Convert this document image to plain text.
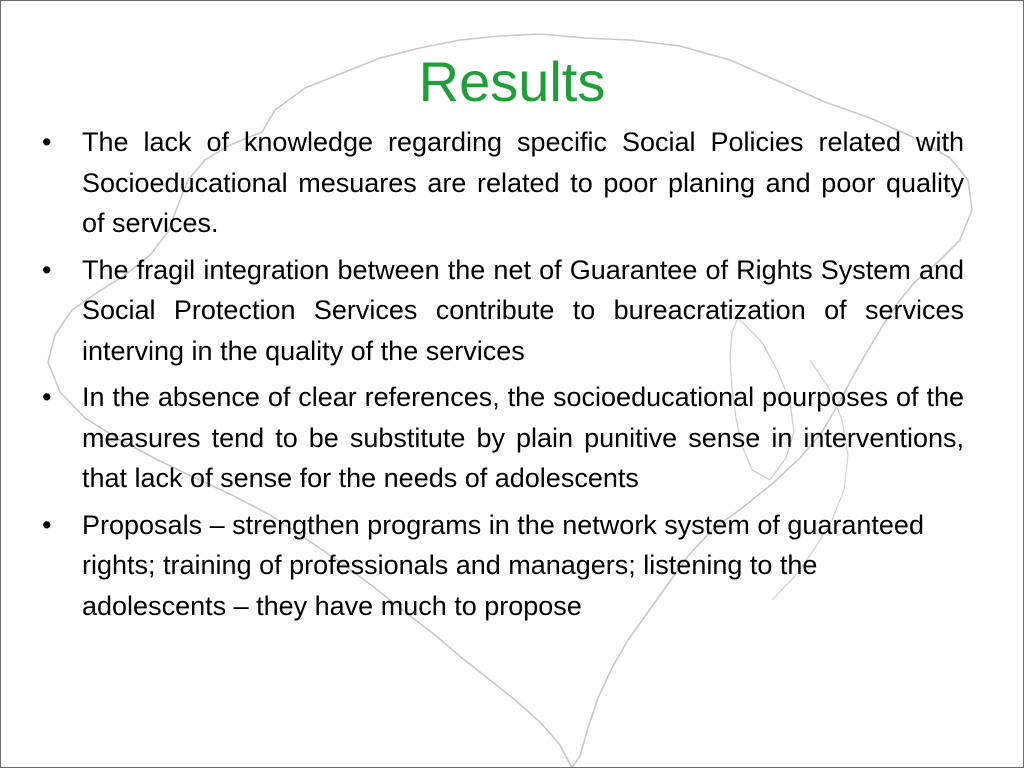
Results
• The lack of knowledge regarding specific Social Policies related with Socioeducational mesuares are related to poor planing and poor quality of services.
• The fragil integration between the net of Guarantee of Rights System and Social Protection Services contribute to bureacratization of services interving in the quality of the services
• In the absence of clear references, the socioeducational pourposes of the measures tend to be substitute by plain punitive sense in interventions, that lack of sense for the needs of adolescents
• Proposals – strengthen programs in the network system of guaranteed rights; training of professionals and managers; listening to the adolescents – they have much to propose
